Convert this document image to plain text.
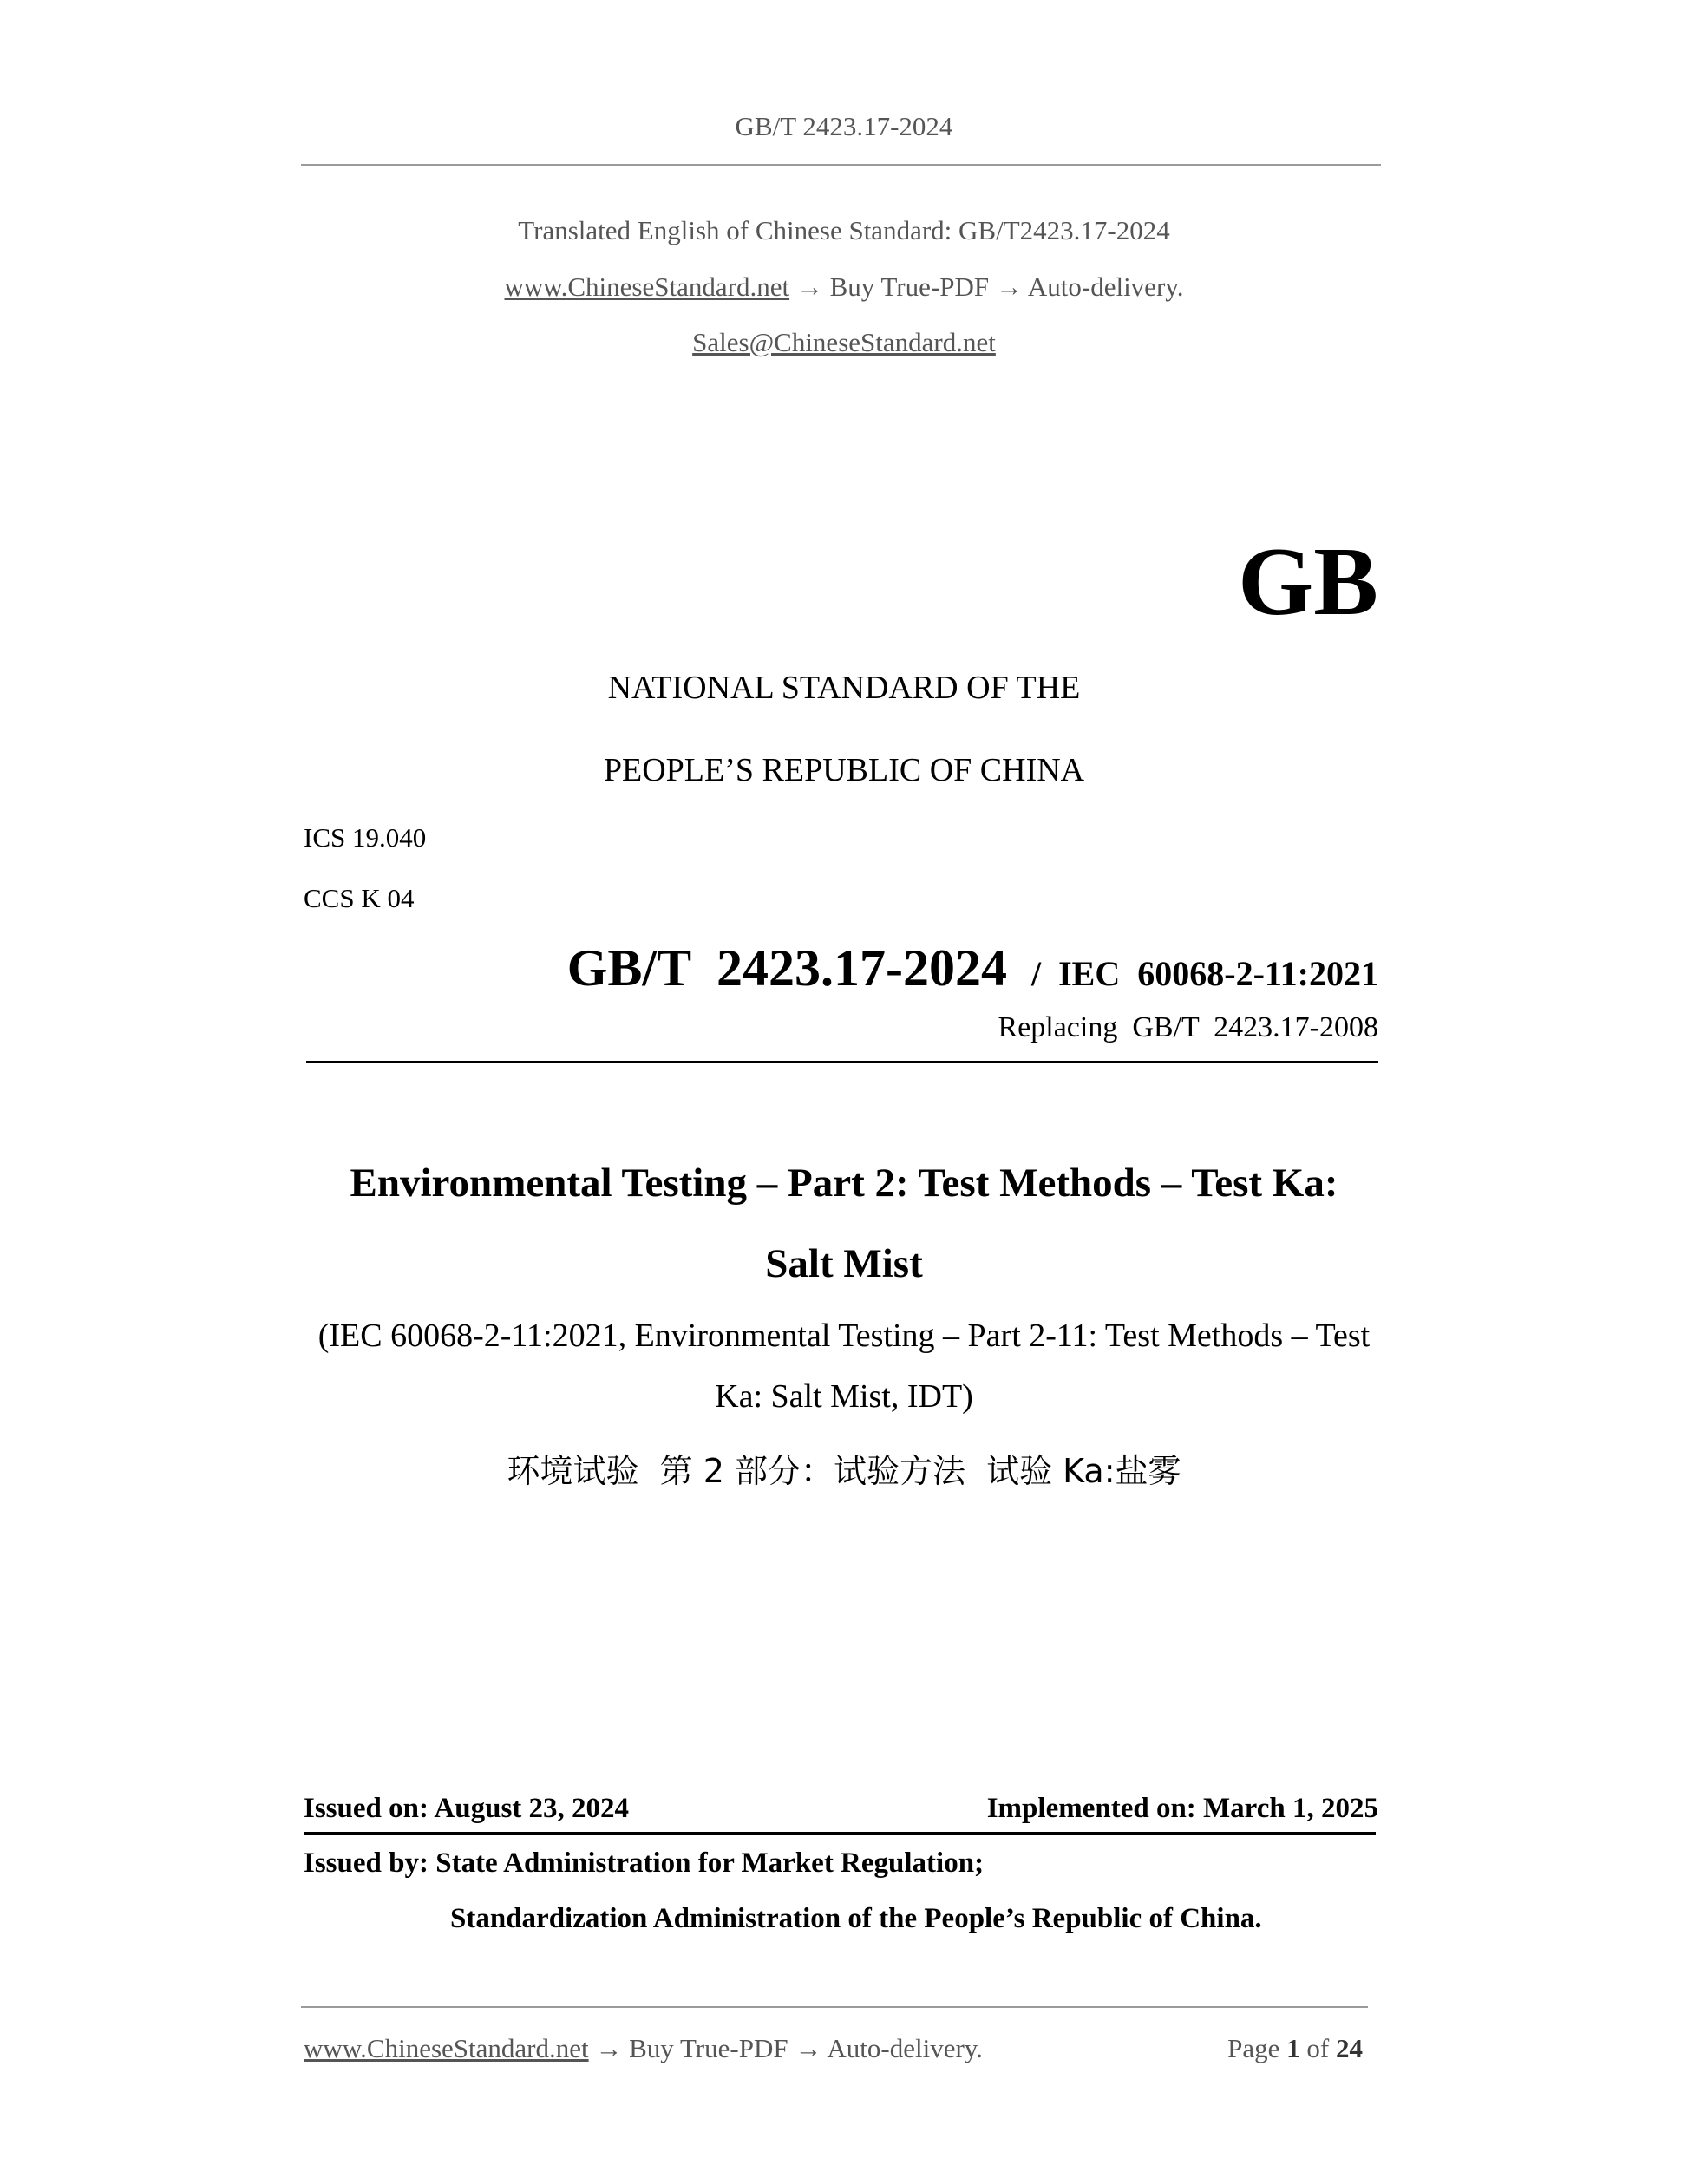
GB/T 2423.17-2024
Translated English of Chinese Standard: GB/T2423.17-2024
www.ChineseStandard.net → Buy True-PDF → Auto-delivery.
Sales@ChineseStandard.net
GB
NATIONAL STANDARD OF THE
PEOPLE’S REPUBLIC OF CHINA
ICS 19.040
CCS K 04
GB/T  2423.17-2024 / IEC  60068-2-11:2021
Replacing  GB/T  2423.17-2008
Environmental Testing – Part 2: Test Methods – Test Ka:
Salt Mist
(IEC 60068-2-11:2021, Environmental Testing – Part 2-11: Test Methods – Test
Ka: Salt Mist, IDT)
环境试验  第 2 部分：试验方法  试验 Ka:盐雾
Issued on: August 23, 2024	Implemented on: March 1, 2025
Issued by: State Administration for Market Regulation;
Standardization Administration of the People’s Republic of China.
www.ChineseStandard.net → Buy True-PDF → Auto-delivery.	Page 1 of 24
